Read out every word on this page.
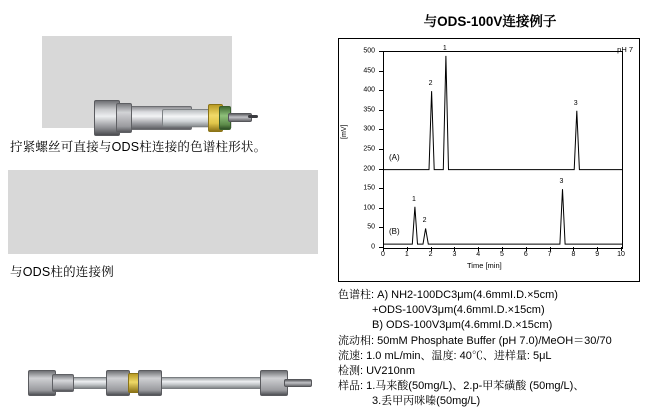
拧紧螺丝可直接与ODS柱连接的色谱柱形状。
与ODS柱的连接例
与ODS-100V连接例子
[mV]
0
50
100
150
200
250
300
350
400
450
500
0	1	2	3	4	5	6	7	8	9	10
Time [min]
pH 7
2
1
3
(A)
1
2
3
(B)
色谱柱: A) NH2-100DC3μm(4.6mmI.D.×5cm)
+ODS-100V3μm(4.6mmI.D.×15cm)
B) ODS-100V3μm(4.6mmI.D.×15cm)
流动相: 50mM Phosphate Buffer (pH 7.0)/MeOH＝30/70
流速: 1.0 mL/min、温度: 40℃、进样量: 5μL
检测: UV210nm
样品: 1.马来酸(50mg/L)、2.p-甲苯磺酸 (50mg/L)、
3.丢甲丙咪嗪(50mg/L)
